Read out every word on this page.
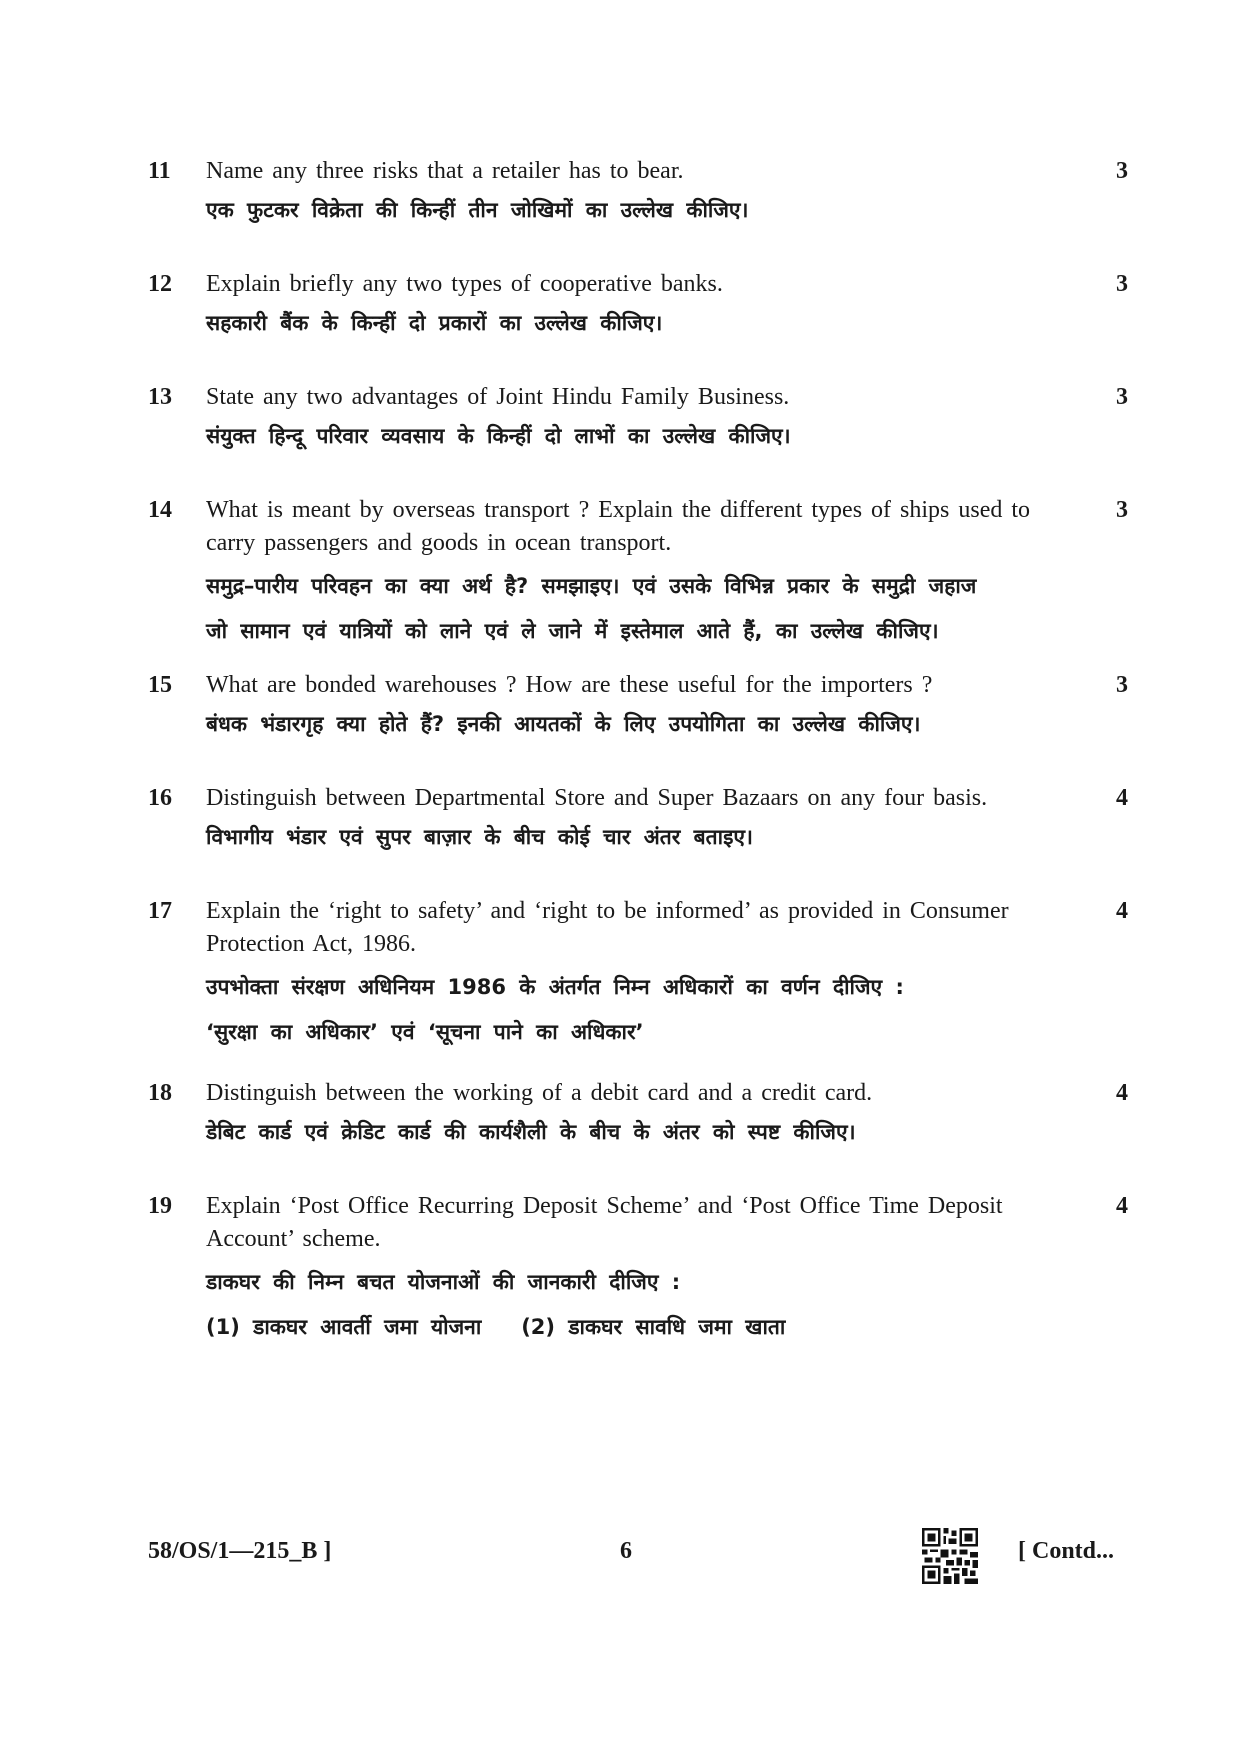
11 Name any three risks that a retailer has to bear.

एक फुटकर विक्रेता की किन्हीं तीन जोखिमों का उल्लेख कीजिए।

3
12 Explain briefly any two types of cooperative banks.

सहकारी बैंक के किन्हीं दो प्रकारों का उल्लेख कीजिए।

3
13 State any two advantages of Joint Hindu Family Business.

संयुक्त हिन्दू परिवार व्यवसाय के किन्हीं दो लाभों का उल्लेख कीजिए।

3
14 What is meant by overseas transport ? Explain the different types of ships used to carry passengers and goods in ocean transport.

समुद्र–पारीय परिवहन का क्या अर्थ है? समझाइए। एवं उसके विभिन्न प्रकार के समुद्री जहाज

जो सामान एवं यात्रियों को लाने एवं ले जाने में इस्तेमाल आते हैं, का उल्लेख कीजिए।

3
15 What are bonded warehouses ? How are these useful for the importers ?

बंधक भंडारगृह क्या होते हैं? इनकी आयतकों के लिए उपयोगिता का उल्लेख कीजिए।

3
16 Distinguish between Departmental Store and Super Bazaars on any four basis.

विभागीय भंडार एवं सुपर बाज़ार के बीच कोई चार अंतर बताइए।

4
17 Explain the ‘right to safety’ and ‘right to be informed’ as provided in Consumer Protection Act, 1986.

उपभोक्ता संरक्षण अधिनियम 1986 के अंतर्गत निम्न अधिकारों का वर्णन दीजिए :

‘सुरक्षा का अधिकार’ एवं ‘सूचना पाने का अधिकार’

4
18 Distinguish between the working of a debit card and a credit card.

डेबिट कार्ड एवं क्रेडिट कार्ड की कार्यशैली के बीच के अंतर को स्पष्ट कीजिए।

4
19 Explain ‘Post Office Recurring Deposit Scheme’ and ‘Post Office Time Deposit Account’ scheme.

डाकघर की निम्न बचत योजनाओं की जानकारी दीजिए :

(1) डाकघर आवर्ती जमा योजना   (2) डाकघर सावधि जमा खाता

4
58/OS/1—215_B ]	6	[ Contd...
